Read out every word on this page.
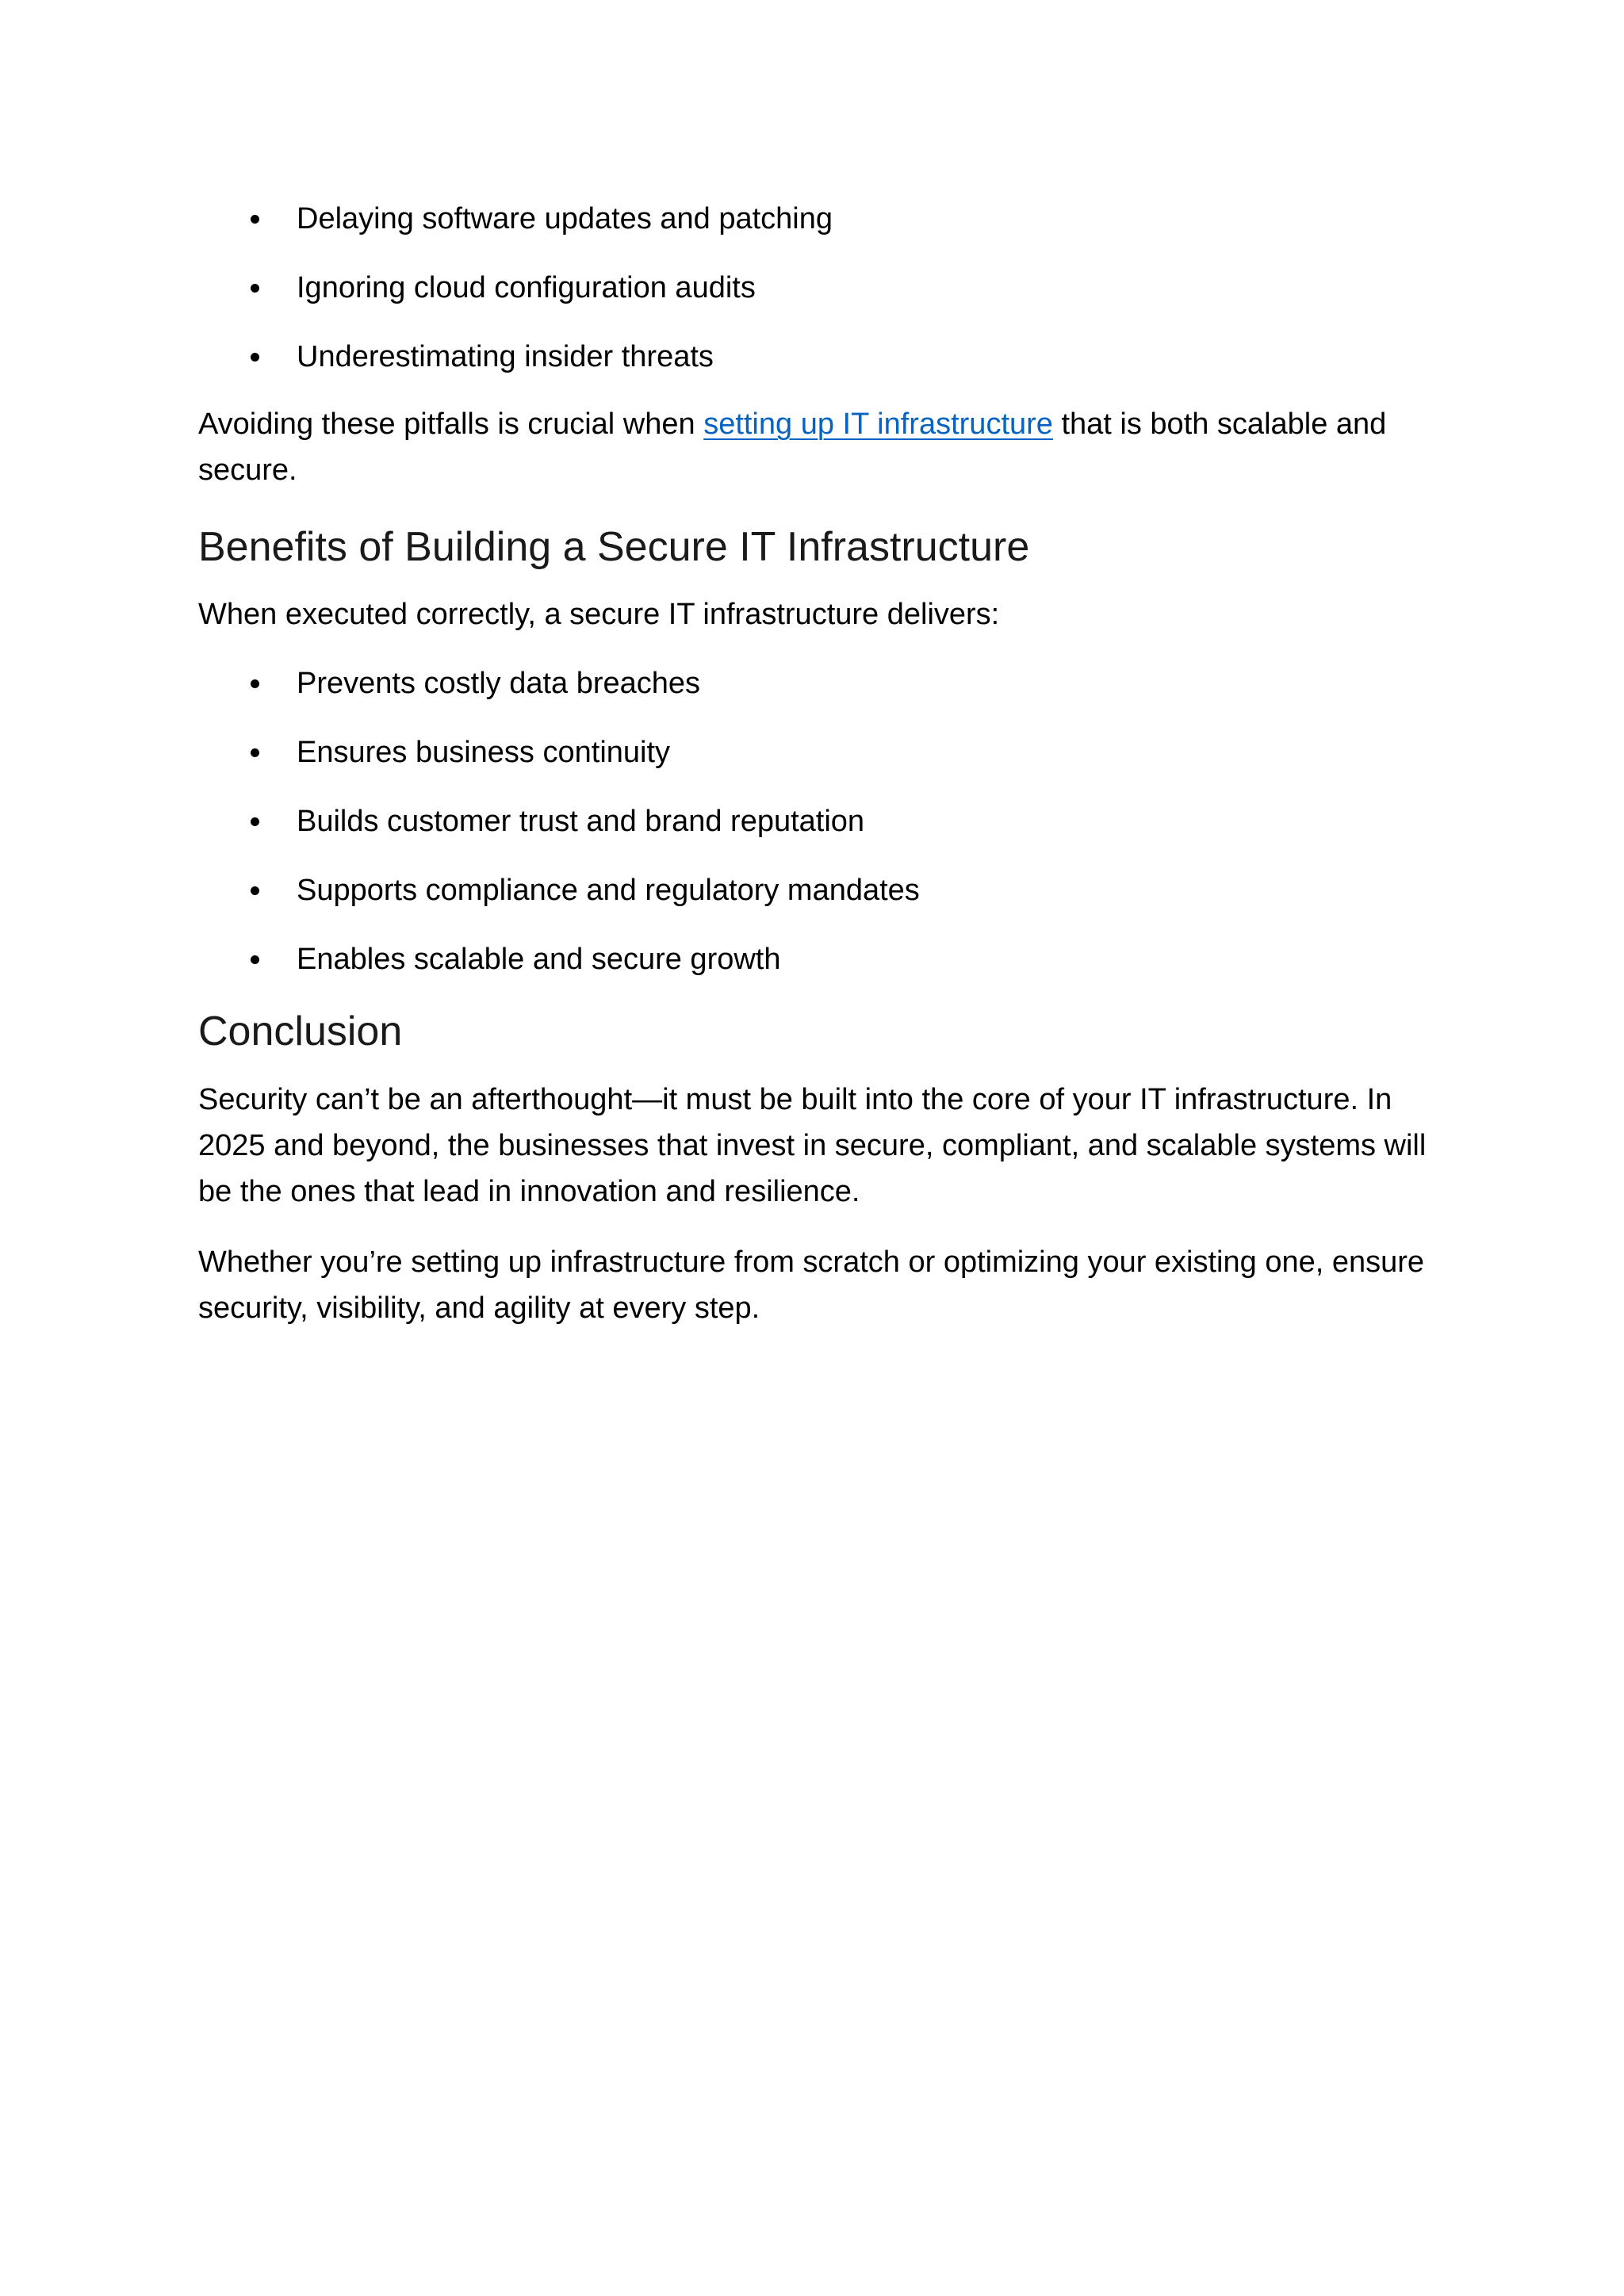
Delaying software updates and patching
Ignoring cloud configuration audits
Underestimating insider threats

Avoiding these pitfalls is crucial when setting up IT infrastructure that is both scalable and secure.

Benefits of Building a Secure IT Infrastructure

When executed correctly, a secure IT infrastructure delivers:

Prevents costly data breaches
Ensures business continuity
Builds customer trust and brand reputation
Supports compliance and regulatory mandates
Enables scalable and secure growth
Conclusion

Security can’t be an afterthought—it must be built into the core of your IT infrastructure. In 2025 and beyond, the businesses that invest in secure, compliant, and scalable systems will be the ones that lead in innovation and resilience.

Whether you’re setting up infrastructure from scratch or optimizing your existing one, ensure security, visibility, and agility at every step.
